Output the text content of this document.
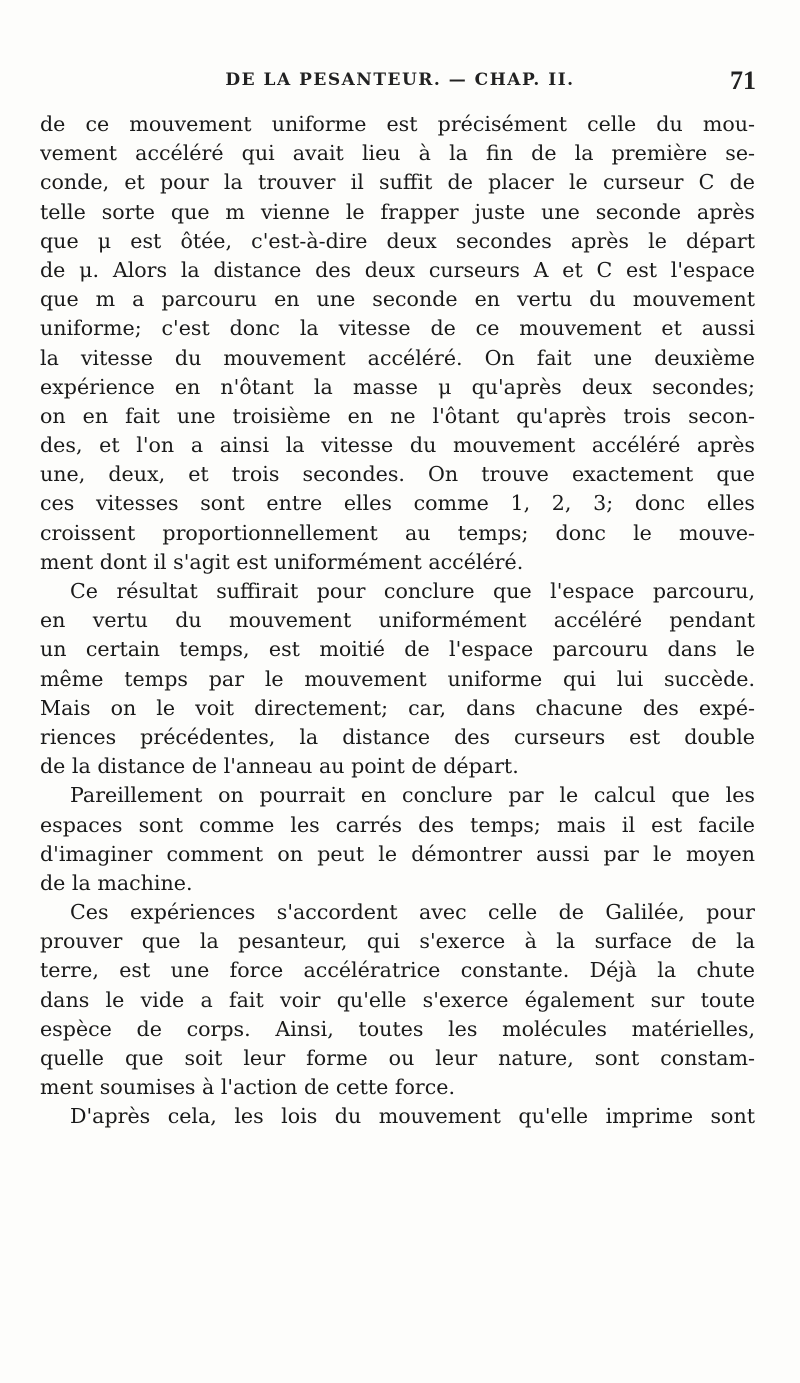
DE LA PESANTEUR. — CHAP. II.	71
de ce mouvement uniforme est précisément celle du mou-
vement accéléré qui avait lieu à la fin de la première se-
conde, et pour la trouver il suffit de placer le curseur C de
telle sorte que m vienne le frapper juste une seconde après
que μ est ôtée, c'est-à-dire deux secondes après le départ
de μ. Alors la distance des deux curseurs A et C est l'espace
que m a parcouru en une seconde en vertu du mouvement
uniforme; c'est donc la vitesse de ce mouvement et aussi
la vitesse du mouvement accéléré. On fait une deuxième
expérience en n'ôtant la masse μ qu'après deux secondes;
on en fait une troisième en ne l'ôtant qu'après trois secon-
des, et l'on a ainsi la vitesse du mouvement accéléré après
une, deux, et trois secondes. On trouve exactement que
ces vitesses sont entre elles comme 1, 2, 3; donc elles
croissent proportionnellement au temps; donc le mouve-
ment dont il s'agit est uniformément accéléré.
Ce résultat suffirait pour conclure que l'espace parcouru,
en vertu du mouvement uniformément accéléré pendant
un certain temps, est moitié de l'espace parcouru dans le
même temps par le mouvement uniforme qui lui succède.
Mais on le voit directement; car, dans chacune des expé-
riences précédentes, la distance des curseurs est double
de la distance de l'anneau au point de départ.
Pareillement on pourrait en conclure par le calcul que les
espaces sont comme les carrés des temps; mais il est facile
d'imaginer comment on peut le démontrer aussi par le moyen
de la machine.
Ces expériences s'accordent avec celle de Galilée, pour
prouver que la pesanteur, qui s'exerce à la surface de la
terre, est une force accélératrice constante. Déjà la chute
dans le vide a fait voir qu'elle s'exerce également sur toute
espèce de corps. Ainsi, toutes les molécules matérielles,
quelle que soit leur forme ou leur nature, sont constam-
ment soumises à l'action de cette force.
D'après cela, les lois du mouvement qu'elle imprime sont
